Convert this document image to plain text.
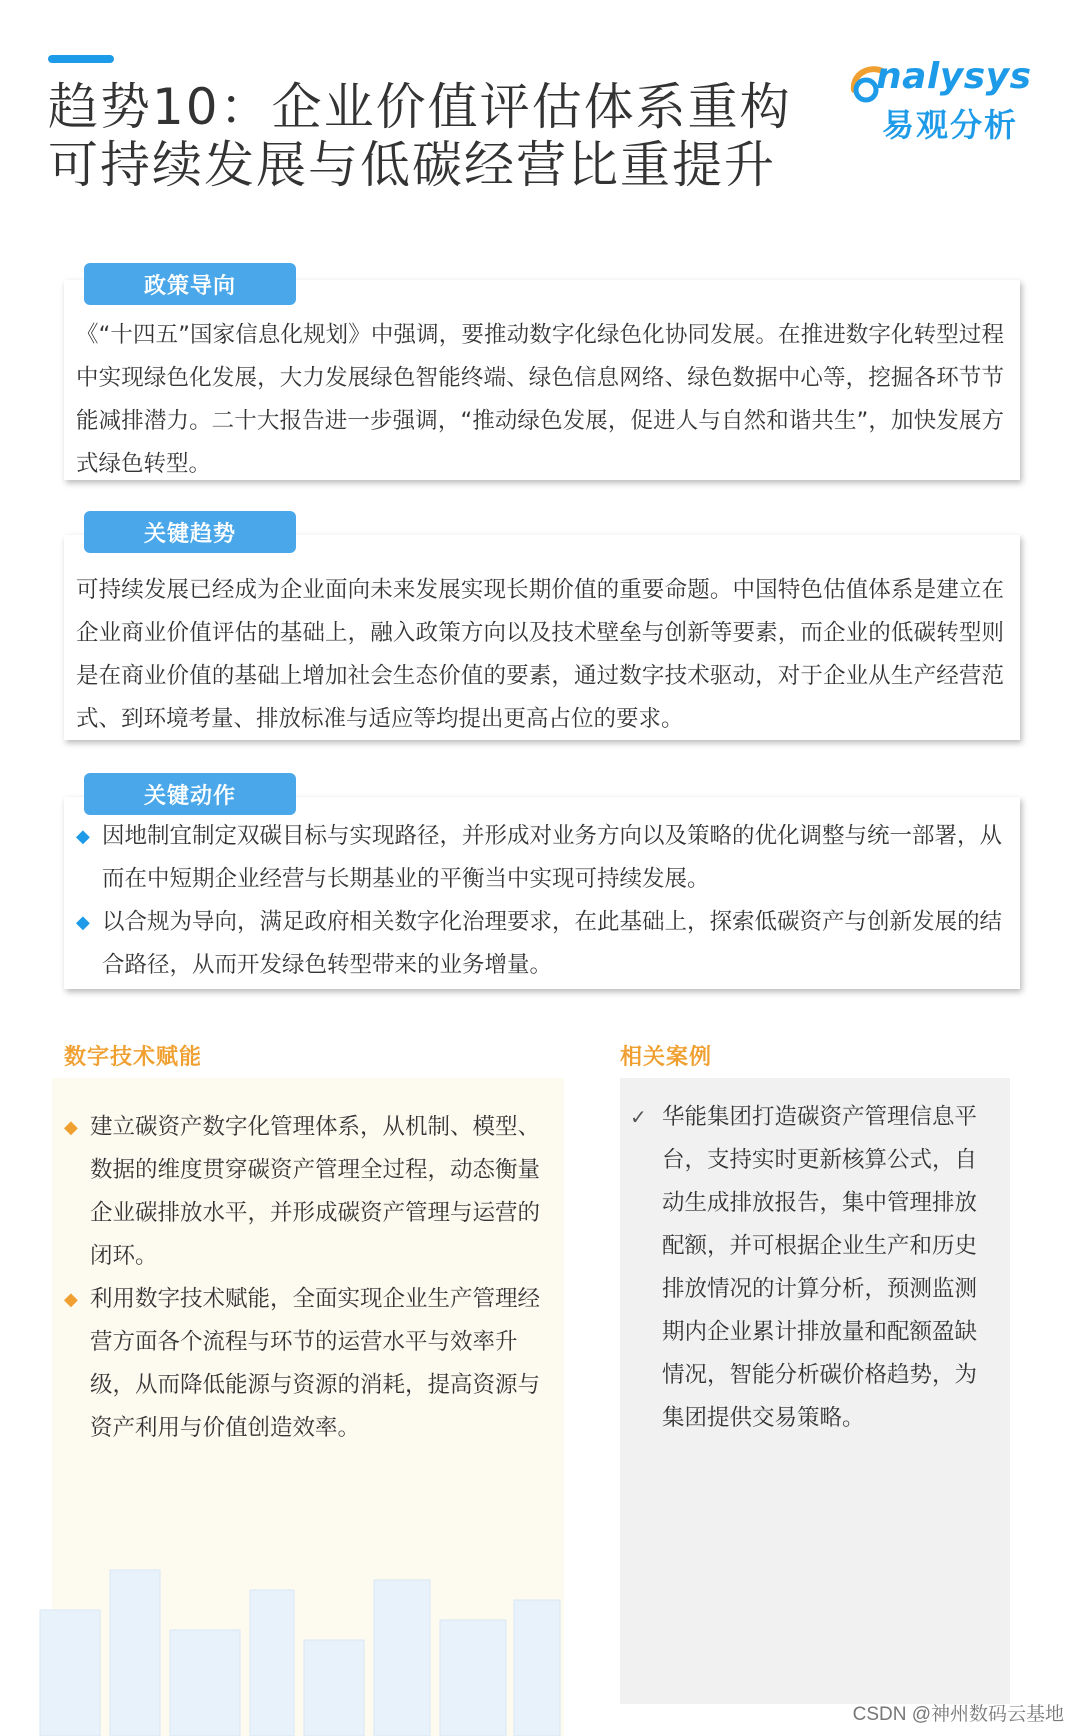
趋势10：企业价值评估体系重构
可持续发展与低碳经营比重提升
nalysys
易观分析
《“十四五”国家信息化规划》中强调，要推动数字化绿色化协同发展。在推进数字化转型过程中实现绿色化发展，大力发展绿色智能终端、绿色信息网络、绿色数据中心等，挖掘各环节节能减排潜力。二十大报告进一步强调，“推动绿色发展，促进人与自然和谐共生”，加快发展方式绿色转型。
政策导向
可持续发展已经成为企业面向未来发展实现长期价值的重要命题。中国特色估值体系是建立在企业商业价值评估的基础上，融入政策方向以及技术壁垒与创新等要素，而企业的低碳转型则是在商业价值的基础上增加社会生态价值的要素，通过数字技术驱动，对于企业从生产经营范式、到环境考量、排放标准与适应等均提出更高占位的要求。
关键趋势
◆ 因地制宜制定双碳目标与实现路径，并形成对业务方向以及策略的优化调整与统一部署，从而在中短期企业经营与长期基业的平衡当中实现可持续发展。
◆ 以合规为导向，满足政府相关数字化治理要求，在此基础上，探索低碳资产与创新发展的结合路径，从而开发绿色转型带来的业务增量。
关键动作
数字技术赋能	相关案例
◆ 建立碳资产数字化管理体系，从机制、模型、数据的维度贯穿碳资产管理全过程，动态衡量企业碳排放水平，并形成碳资产管理与运营的闭环。
◆ 利用数字技术赋能，全面实现企业生产管理经营方面各个流程与环节的运营水平与效率升级，从而降低能源与资源的消耗，提高资源与资产利用与价值创造效率。
✓ 华能集团打造碳资产管理信息平台，支持实时更新核算公式，自动生成排放报告，集中管理排放配额，并可根据企业生产和历史排放情况的计算分析，预测监测期内企业累计排放量和配额盈缺情况，智能分析碳价格趋势，为集团提供交易策略。
CSDN @神州数码云基地
